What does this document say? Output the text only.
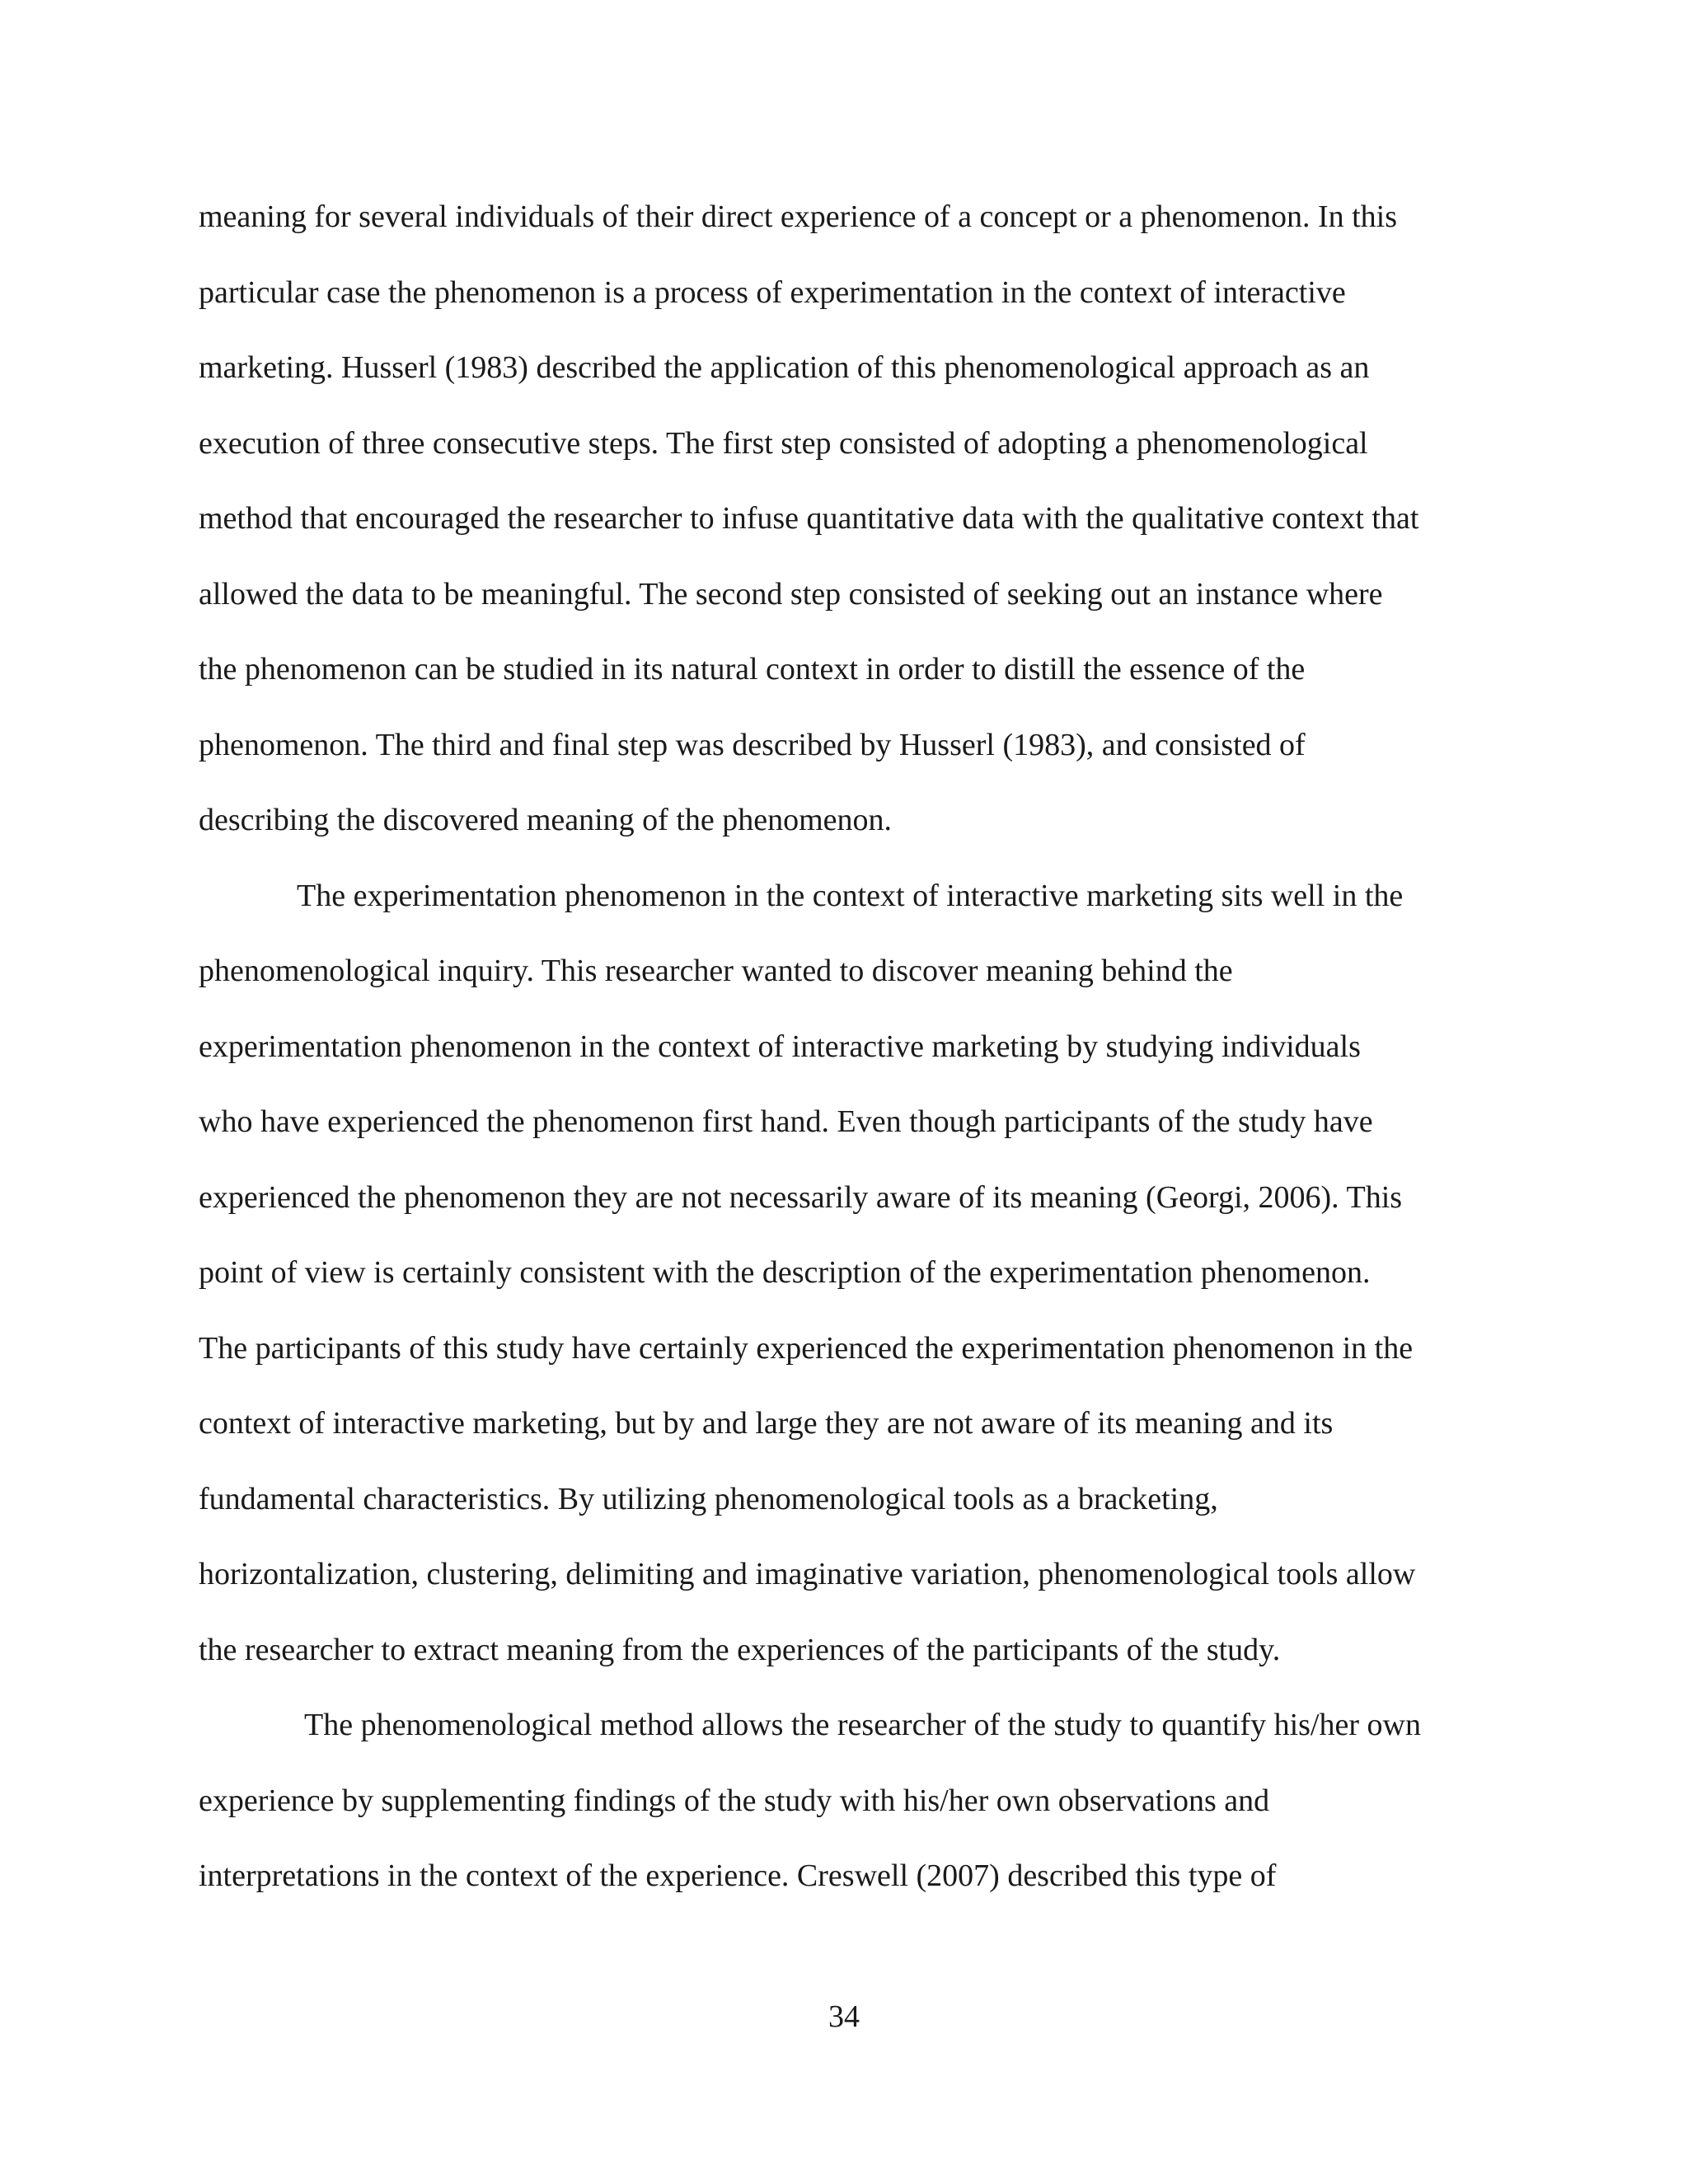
meaning for several individuals of their direct experience of a concept or a phenomenon. In this
particular case the phenomenon is a process of experimentation in the context of interactive
marketing. Husserl (1983) described the application of this phenomenological approach as an
execution of three consecutive steps. The first step consisted of adopting a phenomenological
method that encouraged the researcher to infuse quantitative data with the qualitative context that
allowed the data to be meaningful. The second step consisted of seeking out an instance where
the phenomenon can be studied in its natural context in order to distill the essence of the
phenomenon. The third and final step was described by Husserl (1983), and consisted of
describing the discovered meaning of the phenomenon.
The experimentation phenomenon in the context of interactive marketing sits well in the
phenomenological inquiry. This researcher wanted to discover meaning behind the
experimentation phenomenon in the context of interactive marketing by studying individuals
who have experienced the phenomenon first hand. Even though participants of the study have
experienced the phenomenon they are not necessarily aware of its meaning (Georgi, 2006). This
point of view is certainly consistent with the description of the experimentation phenomenon.
The participants of this study have certainly experienced the experimentation phenomenon in the
context of interactive marketing, but by and large they are not aware of its meaning and its
fundamental characteristics. By utilizing phenomenological tools as a bracketing,
horizontalization, clustering, delimiting and imaginative variation, phenomenological tools allow
the researcher to extract meaning from the experiences of the participants of the study.
The phenomenological method allows the researcher of the study to quantify his/her own
experience by supplementing findings of the study with his/her own observations and
interpretations in the context of the experience. Creswell (2007) described this type of
34
